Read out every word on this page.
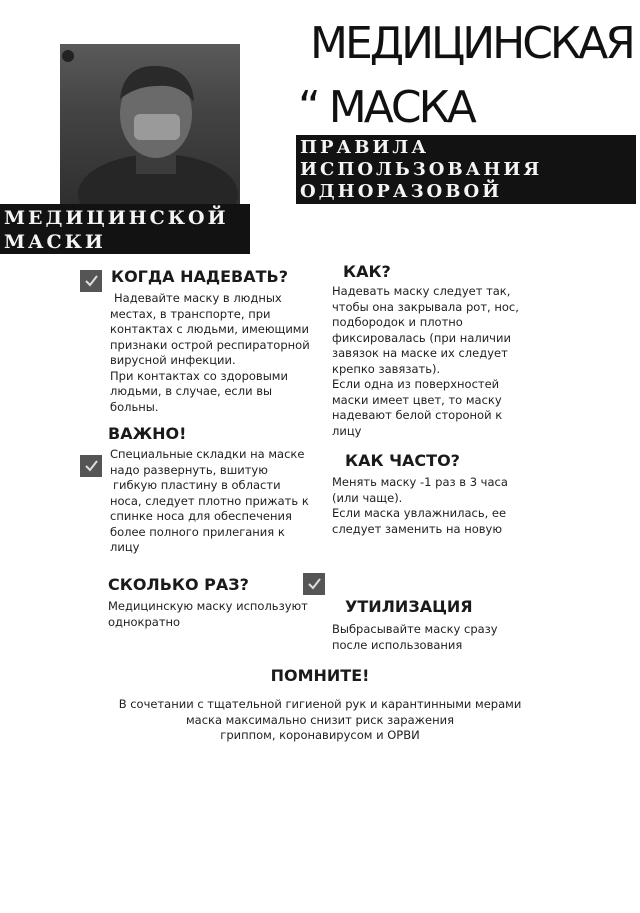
МЕДИЦИНСКАЯ
“ МАСКА
ПРАВИЛА
ИСПОЛЬЗОВАНИЯ
ОДНОРАЗОВОЙ
МЕДИЦИНСКОЙ
МАСКИ
КОГДА НАДЕВАТЬ?
Надевайте маску в людных
местах, в транспорте, при
контактах с людьми, имеющими
признаки острой респираторной
вирусной инфекции.
При контактах со здоровыми
людьми, в случае, если вы
больны.
ВАЖНО!
Специальные складки на маске
надо развернуть, вшитую
гибкую пластину в области
носа, следует плотно прижать к
спинке носа для обеспечения
более полного прилегания к
лицу
СКОЛЬКО РАЗ?
Медицинскую маску используют
однократно
КАК?
Надевать маску следует так,
чтобы она закрывала рот, нос,
подбородок и плотно
фиксировалась (при наличии
завязок на маске их следует
крепко завязать).
Если одна из поверхностей
маски имеет цвет, то маску
надевают белой стороной к
лицу
КАК ЧАСТО?
Менять маску -1 раз в 3 часа
(или чаще).
Если маска увлажнилась, ее
следует заменить на новую
УТИЛИЗАЦИЯ
Выбрасывайте маску сразу
после использования
ПОМНИТЕ!
В сочетании с тщательной гигиеной рук и карантинными мерами
маска максимально снизит риск заражения
гриппом, коронавирусом и ОРВИ
